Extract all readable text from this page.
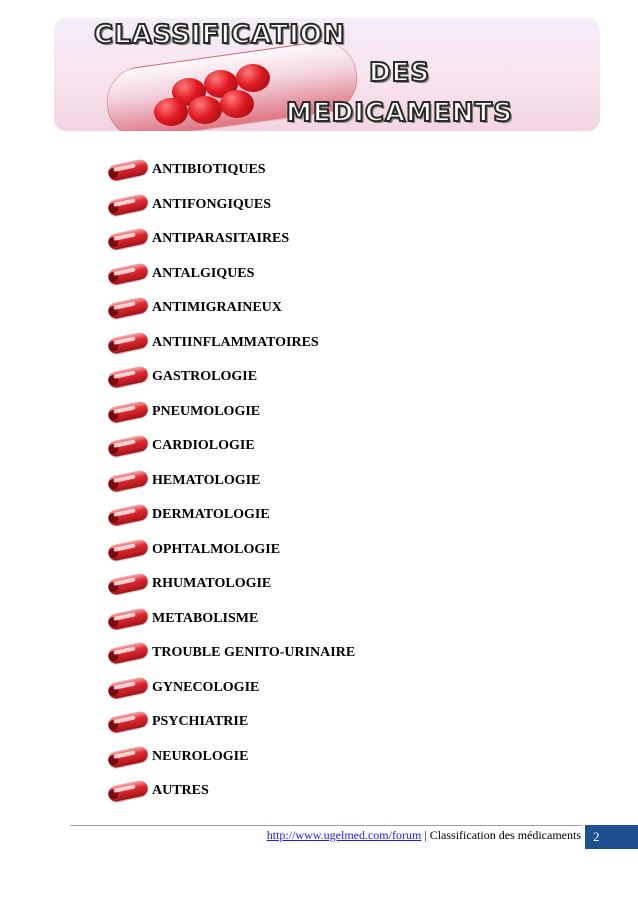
CLASSIFICATION
DES
MEDICAMENTS
ANTIBIOTIQUES
ANTIFONGIQUES
ANTIPARASITAIRES
ANTALGIQUES
ANTIMIGRAINEUX
ANTIINFLAMMATOIRES
GASTROLOGIE
PNEUMOLOGIE
CARDIOLOGIE
HEMATOLOGIE
DERMATOLOGIE
OPHTALMOLOGIE
RHUMATOLOGIE
METABOLISME
TROUBLE GENITO-URINAIRE
GYNECOLOGIE
PSYCHIATRIE
NEUROLOGIE
AUTRES
http://www.ugelmed.com/forum | Classification des médicaments 2
